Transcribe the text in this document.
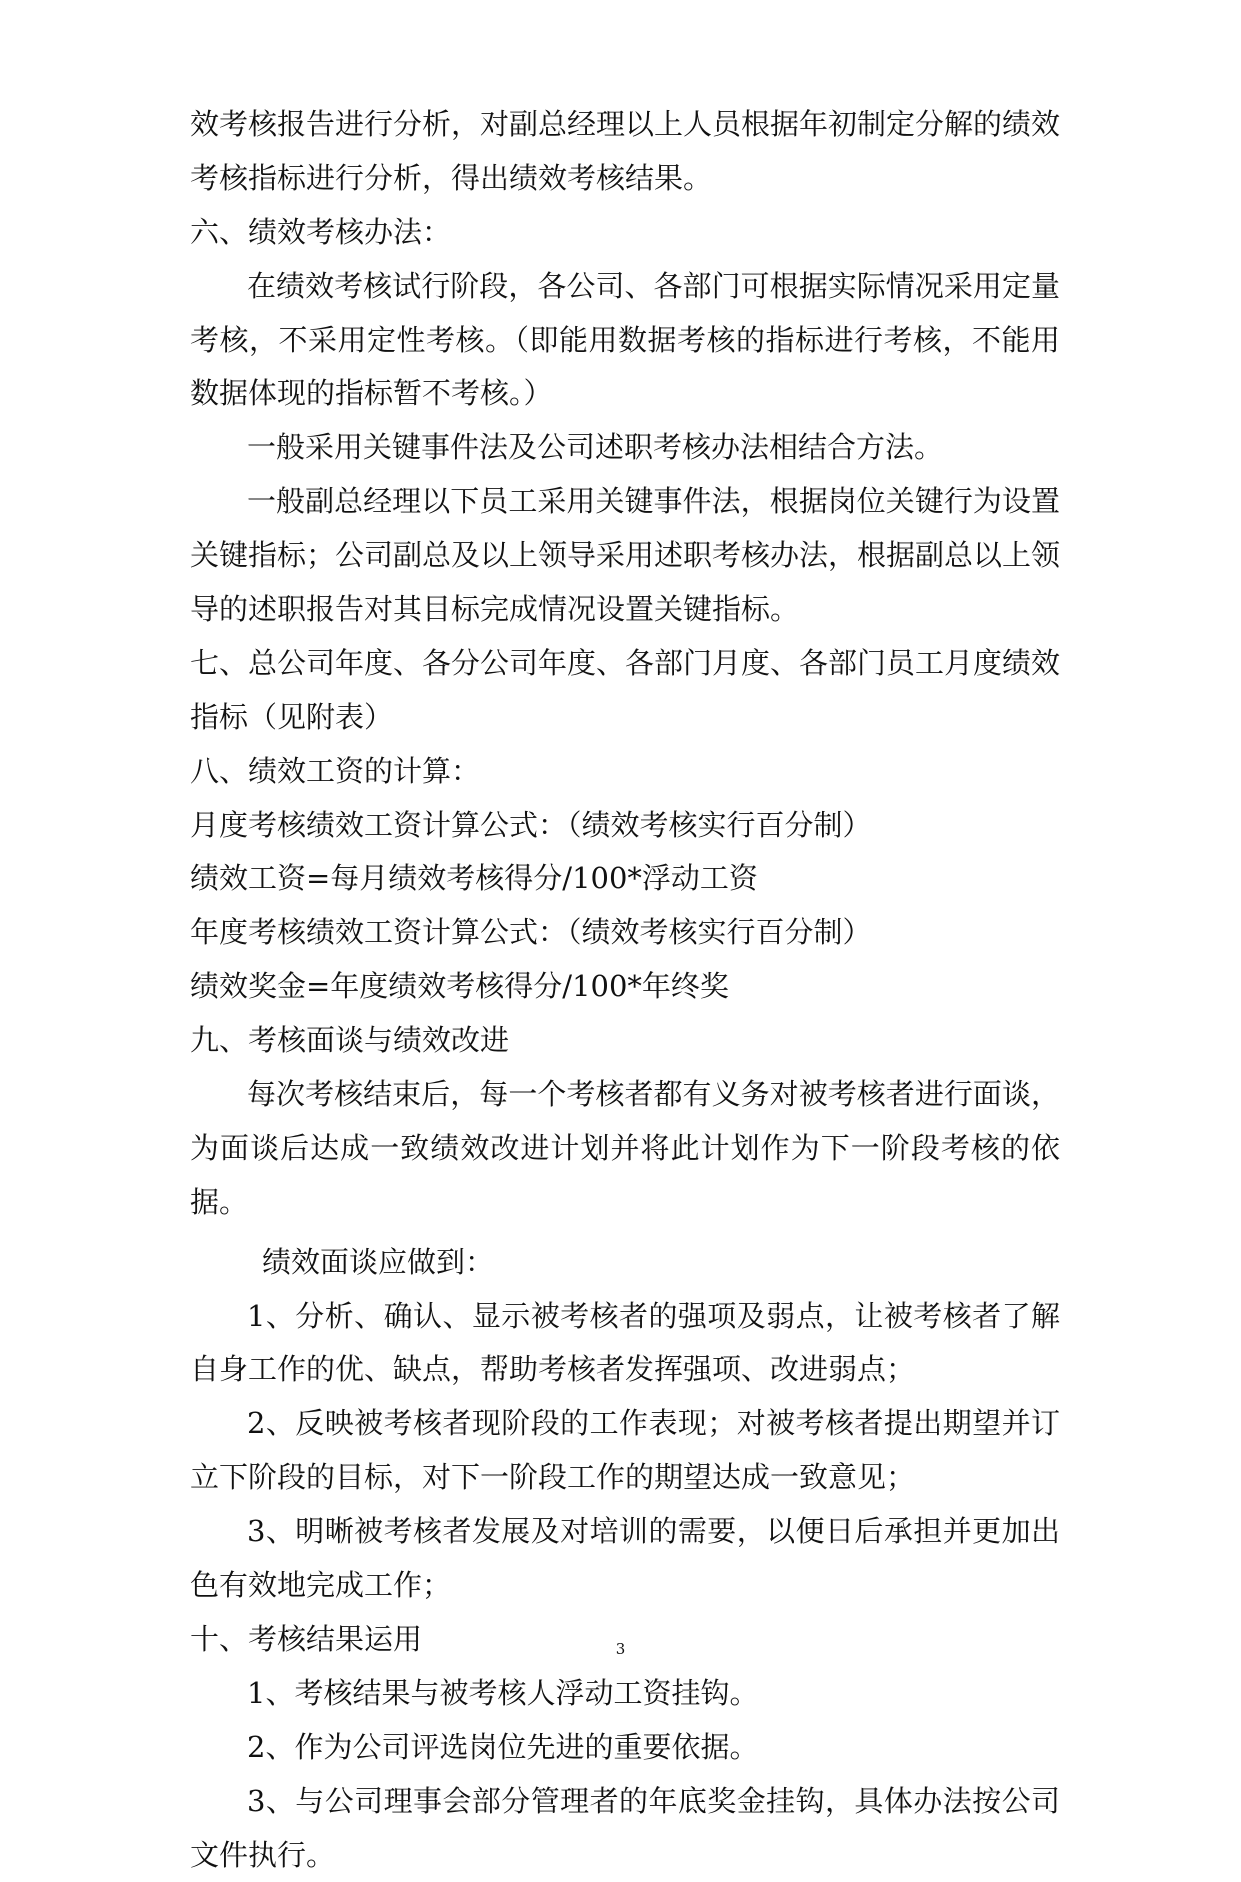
效考核报告进行分析，对副总经理以上人员根据年初制定分解的绩效
考核指标进行分析，得出绩效考核结果。
六、绩效考核办法：
在绩效考核试行阶段，各公司、各部门可根据实际情况采用定量
考核，不采用定性考核。（即能用数据考核的指标进行考核，不能用
数据体现的指标暂不考核。）
一般采用关键事件法及公司述职考核办法相结合方法。
一般副总经理以下员工采用关键事件法，根据岗位关键行为设置
关键指标；公司副总及以上领导采用述职考核办法，根据副总以上领
导的述职报告对其目标完成情况设置关键指标。
七、总公司年度、各分公司年度、各部门月度、各部门员工月度绩效
指标（见附表）
八、绩效工资的计算：
月度考核绩效工资计算公式：（绩效考核实行百分制）
绩效工资=每月绩效考核得分/100*浮动工资
年度考核绩效工资计算公式：（绩效考核实行百分制）
绩效奖金=年度绩效考核得分/100*年终奖
九、考核面谈与绩效改进
每次考核结束后，每一个考核者都有义务对被考核者进行面谈，
为面谈后达成一致绩效改进计划并将此计划作为下一阶段考核的依
据。
绩效面谈应做到：
1、分析、确认、显示被考核者的强项及弱点，让被考核者了解
自身工作的优、缺点，帮助考核者发挥强项、改进弱点；
2、反映被考核者现阶段的工作表现；对被考核者提出期望并订
立下阶段的目标，对下一阶段工作的期望达成一致意见；
3、明晰被考核者发展及对培训的需要，以便日后承担并更加出
色有效地完成工作；
十、考核结果运用
1、考核结果与被考核人浮动工资挂钩。
2、作为公司评选岗位先进的重要依据。
3、与公司理事会部分管理者的年底奖金挂钩，具体办法按公司
文件执行。
3
